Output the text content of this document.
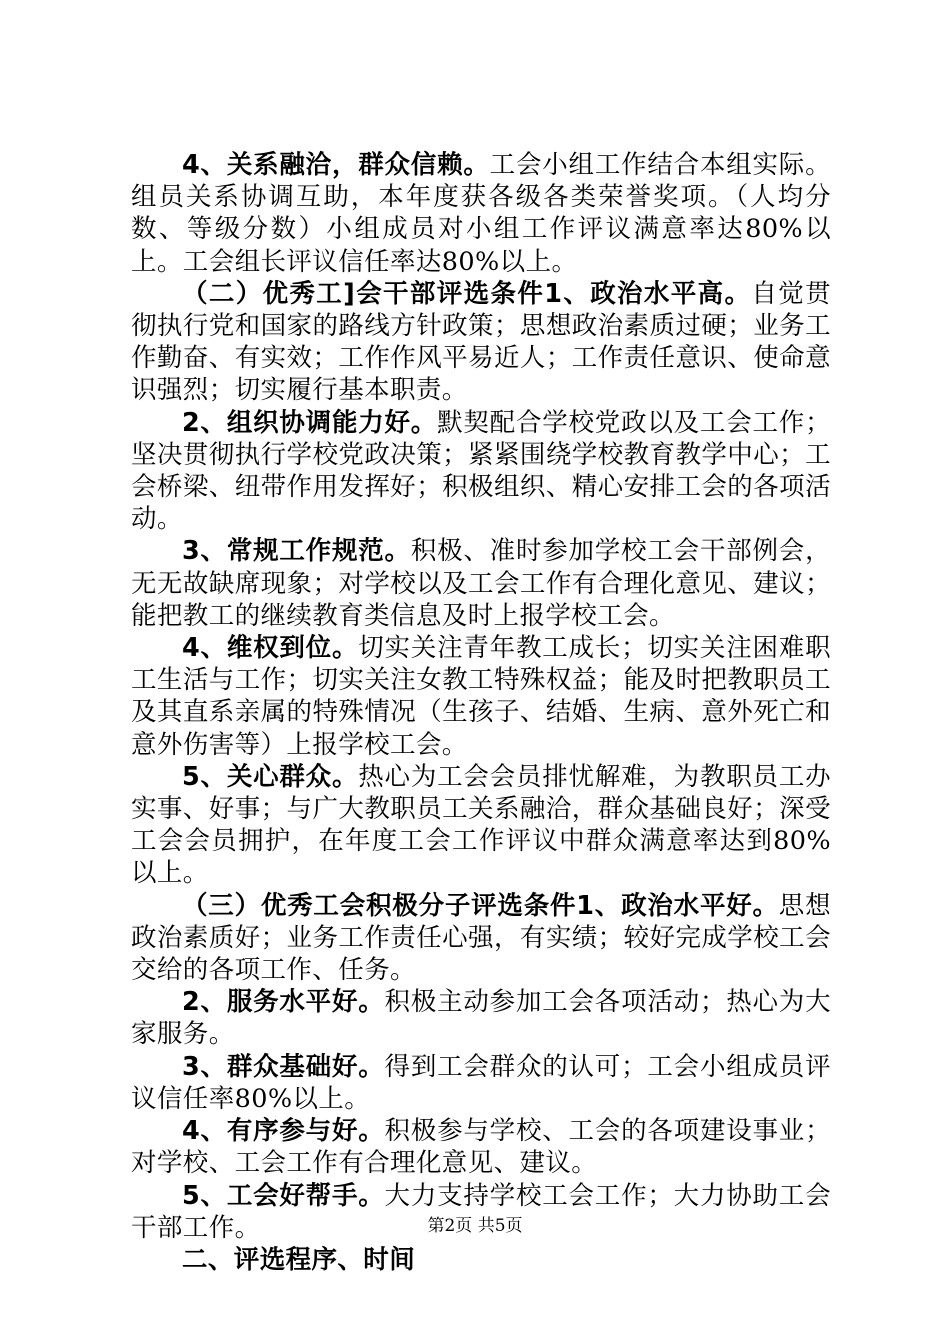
4、关系融洽，群众信赖。工会小组工作结合本组实际。组员关系协调互助，本年度获各级各类荣誉奖项。（人均分数、等级分数）小组成员对小组工作评议满意率达80%以上。工会组长评议信任率达80%以上。

（二）优秀工]会干部评选条件1、政治水平高。自觉贯彻执行党和国家的路线方针政策；思想政治素质过硬；业务工作勤奋、有实效；工作作风平易近人；工作责任意识、使命意识强烈；切实履行基本职责。

2、组织协调能力好。默契配合学校党政以及工会工作；坚决贯彻执行学校党政决策；紧紧围绕学校教育教学中心；工会桥梁、纽带作用发挥好；积极组织、精心安排工会的各项活动。

3、常规工作规范。积极、准时参加学校工会干部例会，无无故缺席现象；对学校以及工会工作有合理化意见、建议；能把教工的继续教育类信息及时上报学校工会。

4、维权到位。切实关注青年教工成长；切实关注困难职工生活与工作；切实关注女教工特殊权益；能及时把教职员工及其直系亲属的特殊情况（生孩子、结婚、生病、意外死亡和意外伤害等）上报学校工会。

5、关心群众。热心为工会会员排忧解难，为教职员工办实事、好事；与广大教职员工关系融洽，群众基础良好；深受工会会员拥护，在年度工会工作评议中群众满意率达到80%以上。

（三）优秀工会积极分子评选条件1、政治水平好。思想政治素质好；业务工作责任心强，有实绩；较好完成学校工会交给的各项工作、任务。

2、服务水平好。积极主动参加工会各项活动；热心为大家服务。

3、群众基础好。得到工会群众的认可；工会小组成员评议信任率80%以上。

4、有序参与好。积极参与学校、工会的各项建设事业；对学校、工会工作有合理化意见、建议。

5、工会好帮手。大力支持学校工会工作；大力协助工会干部工作。

二、评选程序、时间

第2页 共5页
